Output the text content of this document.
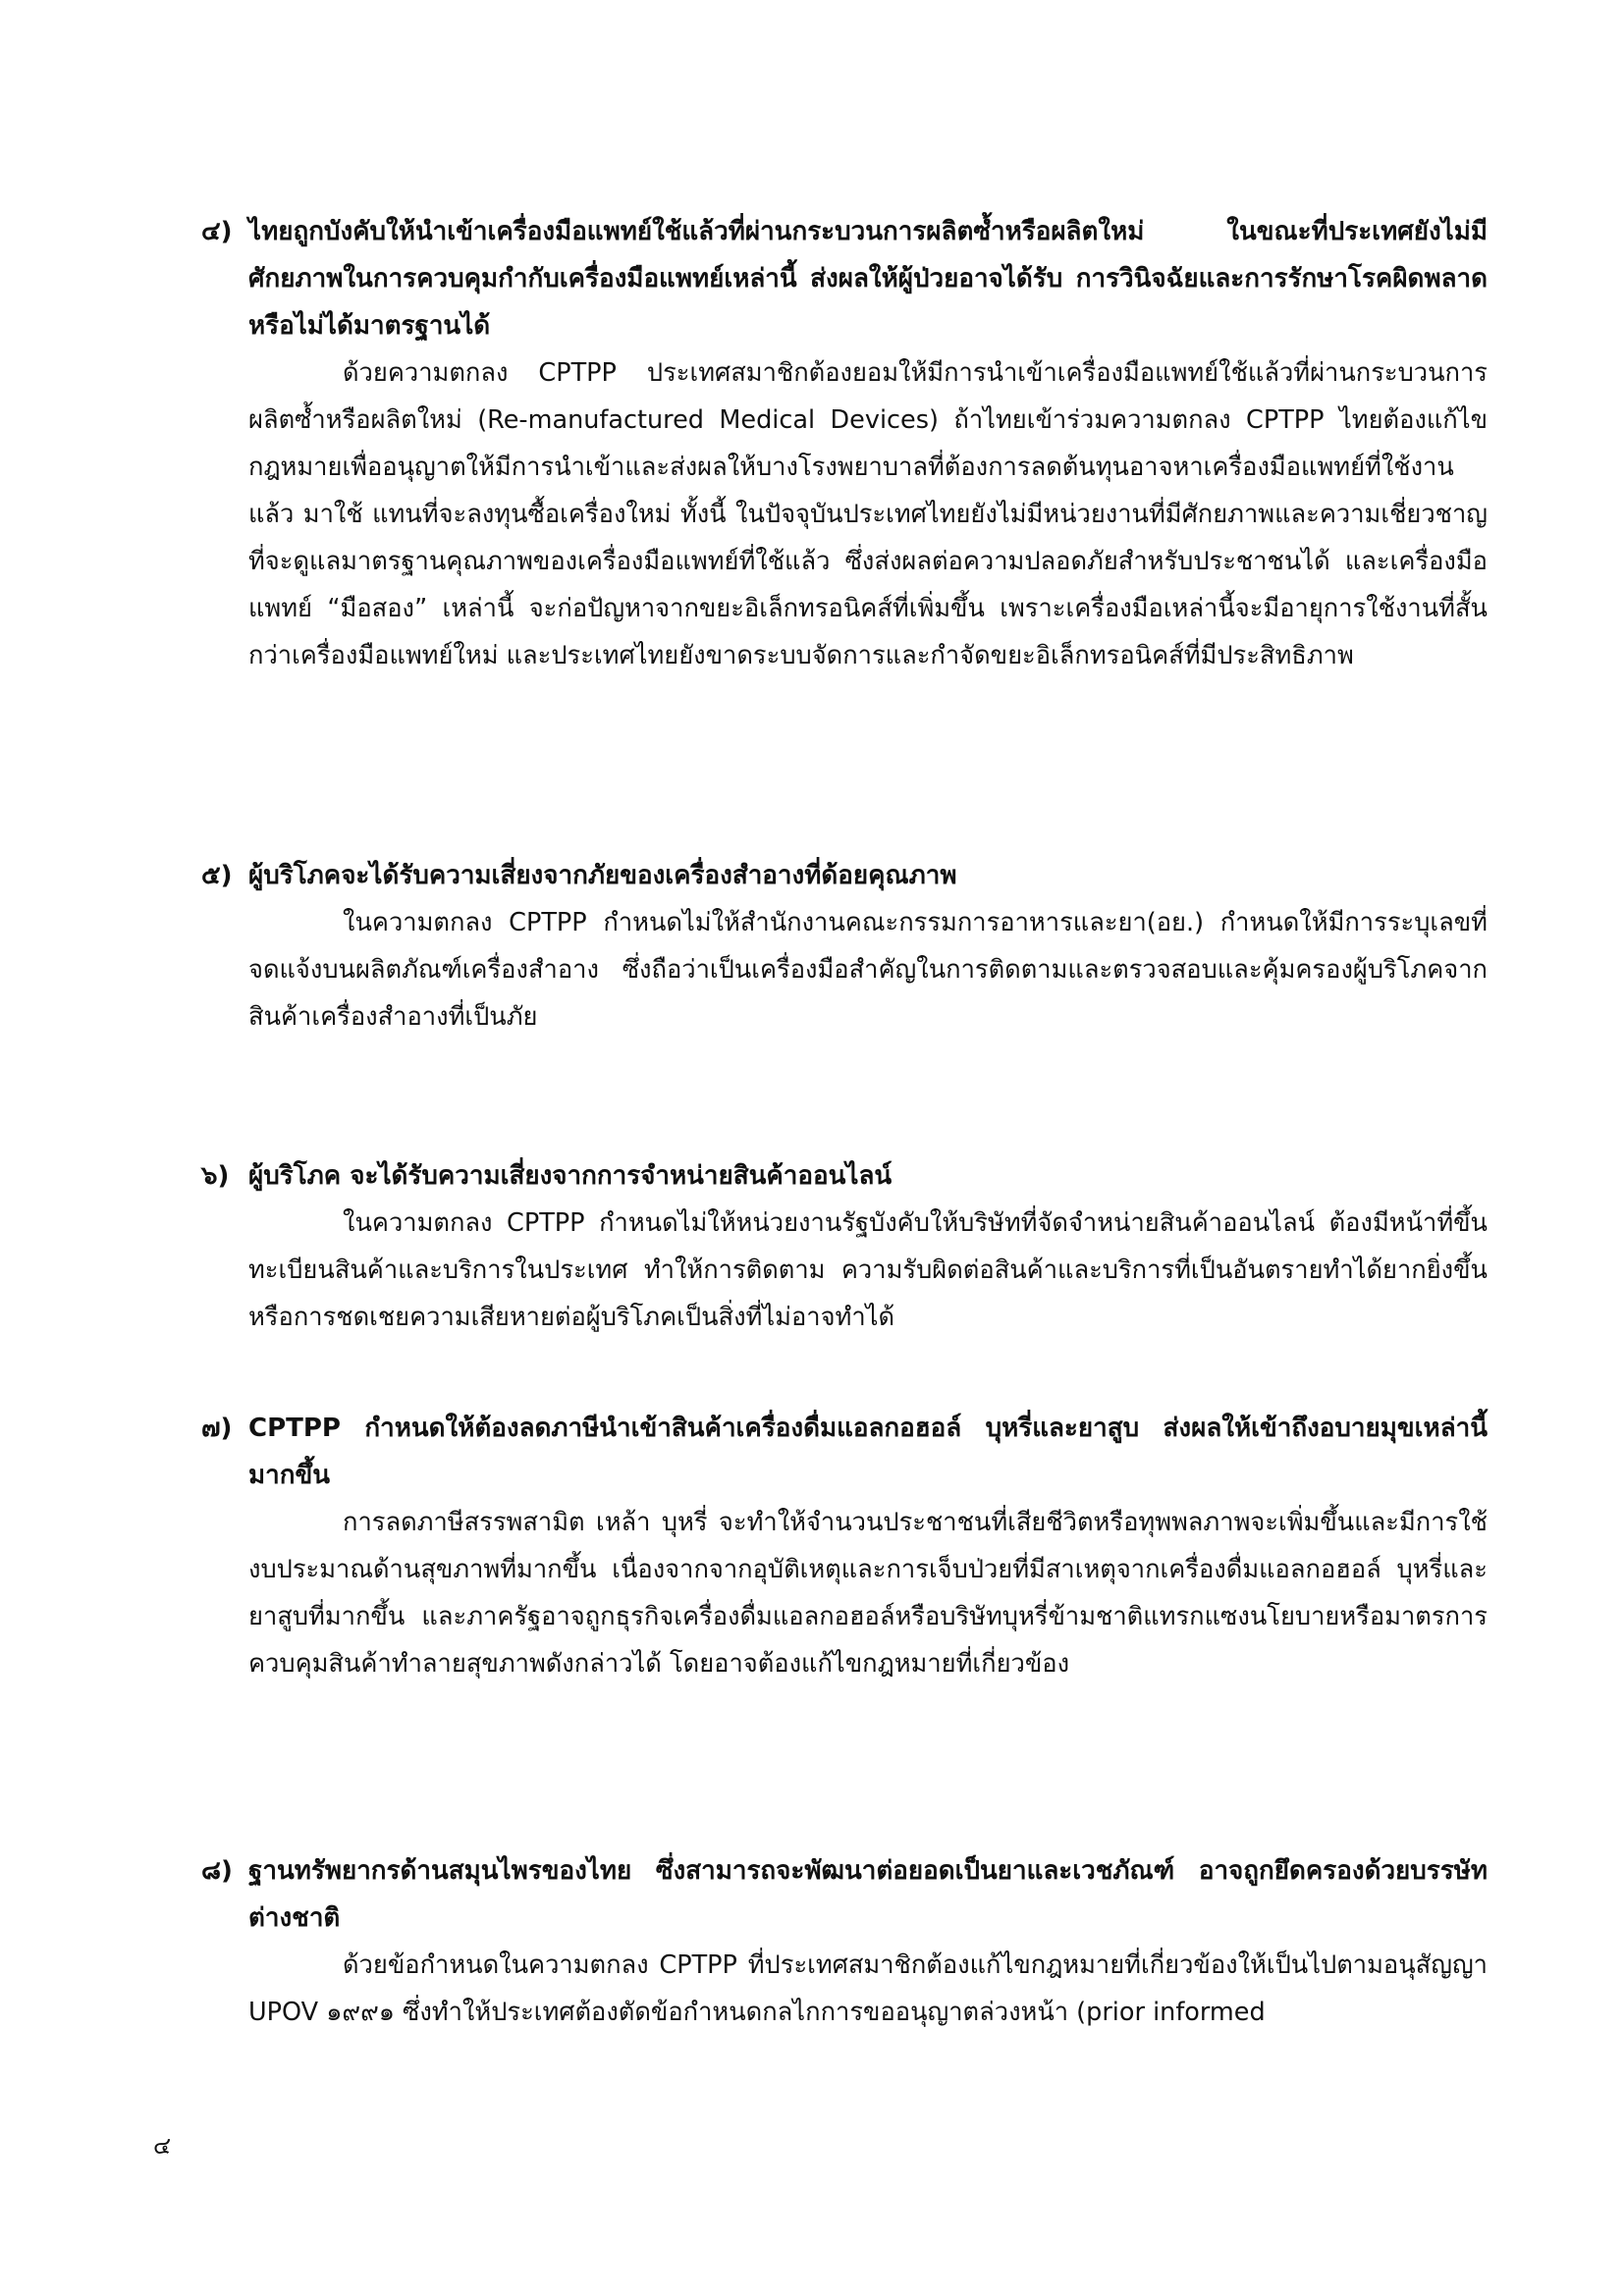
๔) ไทยถูกบังคับให้นำเข้าเครื่องมือแพทย์ใช้แล้วที่ผ่านกระบวนการผลิตซ้ำหรือผลิตใหม่ ในขณะที่ประเทศยังไม่มีศักยภาพในการควบคุมกำกับเครื่องมือแพทย์เหล่านี้ ส่งผลให้ผู้ป่วยอาจได้รับ การวินิจฉัยและการรักษาโรคผิดพลาดหรือไม่ได้มาตรฐานได้
ด้วยความตกลง CPTPP ประเทศสมาชิกต้องยอมให้มีการนำเข้าเครื่องมือแพทย์ใช้แล้วที่ผ่านกระบวนการผลิตซ้ำหรือผลิตใหม่ (Re-manufactured Medical Devices) ถ้าไทยเข้าร่วมความตกลง CPTPP ไทยต้องแก้ไขกฎหมายเพื่ออนุญาตให้มีการนำเข้าและส่งผลให้บางโรงพยาบาลที่ต้องการลดต้นทุนอาจหาเครื่องมือแพทย์ที่ใช้งานแล้ว มาใช้ แทนที่จะลงทุนซื้อเครื่องใหม่ ทั้งนี้ ในปัจจุบันประเทศไทยยังไม่มีหน่วยงานที่มีศักยภาพและความเชี่ยวชาญที่จะดูแลมาตรฐานคุณภาพของเครื่องมือแพทย์ที่ใช้แล้ว ซึ่งส่งผลต่อความปลอดภัยสำหรับประชาชนได้ และเครื่องมือแพทย์ “มือสอง” เหล่านี้ จะก่อปัญหาจากขยะอิเล็กทรอนิคส์ที่เพิ่มขึ้น เพราะเครื่องมือเหล่านี้จะมีอายุการใช้งานที่สั้นกว่าเครื่องมือแพทย์ใหม่ และประเทศไทยยังขาดระบบจัดการและกำจัดขยะอิเล็กทรอนิคส์ที่มีประสิทธิภาพ
๕) ผู้บริโภคจะได้รับความเสี่ยงจากภัยของเครื่องสำอางที่ด้อยคุณภาพ
ในความตกลง CPTPP กำหนดไม่ให้สำนักงานคณะกรรมการอาหารและยา(อย.) กำหนดให้มีการระบุเลขที่จดแจ้งบนผลิตภัณฑ์เครื่องสำอาง ซึ่งถือว่าเป็นเครื่องมือสำคัญในการติดตามและตรวจสอบและคุ้มครองผู้บริโภคจากสินค้าเครื่องสำอางที่เป็นภัย
๖) ผู้บริโภค จะได้รับความเสี่ยงจากการจำหน่ายสินค้าออนไลน์
ในความตกลง CPTPP กำหนดไม่ให้หน่วยงานรัฐบังคับให้บริษัทที่จัดจำหน่ายสินค้าออนไลน์ ต้องมีหน้าที่ขึ้นทะเบียนสินค้าและบริการในประเทศ ทำให้การติดตาม ความรับผิดต่อสินค้าและบริการที่เป็นอันตรายทำได้ยากยิ่งขึ้น หรือการชดเชยความเสียหายต่อผู้บริโภคเป็นสิ่งที่ไม่อาจทำได้
๗) CPTPP กำหนดให้ต้องลดภาษีนำเข้าสินค้าเครื่องดื่มแอลกอฮอล์ บุหรี่และยาสูบ ส่งผลให้เข้าถึงอบายมุขเหล่านี้มากขึ้น
การลดภาษีสรรพสามิต เหล้า บุหรี่ จะทำให้จำนวนประชาชนที่เสียชีวิตหรือทุพพลภาพจะเพิ่มขึ้นและมีการใช้งบประมาณด้านสุขภาพที่มากขึ้น เนื่องจากจากอุบัติเหตุและการเจ็บป่วยที่มีสาเหตุจากเครื่องดื่มแอลกอฮอล์ บุหรี่และยาสูบที่มากขึ้น และภาครัฐอาจถูกธุรกิจเครื่องดื่มแอลกอฮอล์หรือบริษัทบุหรี่ข้ามชาติแทรกแซงนโยบายหรือมาตรการควบคุมสินค้าทำลายสุขภาพดังกล่าวได้ โดยอาจต้องแก้ไขกฎหมายที่เกี่ยวข้อง
๘) ฐานทรัพยากรด้านสมุนไพรของไทย ซึ่งสามารถจะพัฒนาต่อยอดเป็นยาและเวชภัณฑ์ อาจถูกยึดครองด้วยบรรษัทต่างชาติ
ด้วยข้อกำหนดในความตกลง CPTPP ที่ประเทศสมาชิกต้องแก้ไขกฎหมายที่เกี่ยวข้องให้เป็นไปตามอนุสัญญา UPOV ๑๙๙๑ ซึ่งทำให้ประเทศต้องตัดข้อกำหนดกลไกการขออนุญาตล่วงหน้า (prior informed
๔
